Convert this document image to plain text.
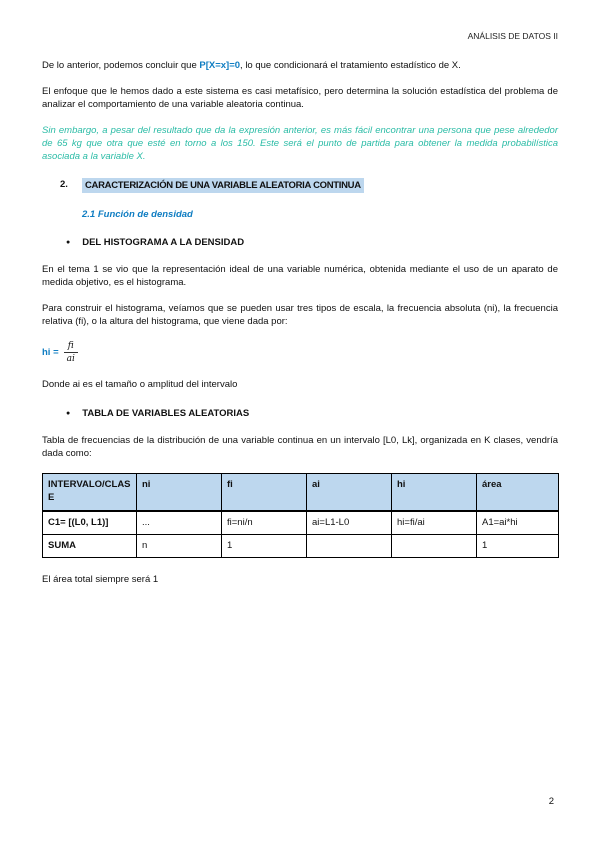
ANÁLISIS DE DATOS II

De lo anterior, podemos concluir que P[X=x]=0, lo que condicionará el tratamiento estadístico de X.

El enfoque que le hemos dado a este sistema es casi metafísico, pero determina la solución estadística del problema de analizar el comportamiento de una variable aleatoria continua.

Sin embargo, a pesar del resultado que da la expresión anterior, es más fácil encontrar una persona que pese alrededor de 65 kg que otra que esté en torno a los 150. Este será el punto de partida para obtener la medida probabilística asociada a la variable X.

2.	CARACTERIZACIÓN DE UNA VARIABLE ALEATORIA CONTINUA
2.1 Función de densidad
● DEL HISTOGRAMA A LA DENSIDAD

En el tema 1 se vio que la representación ideal de una variable numérica, obtenida mediante el uso de un aparato de medida objetivo, es el histograma.

Para construir el histograma, veíamos que se pueden usar tres tipos de escala, la frecuencia absoluta (ni), la frecuencia relativa (fi), o la altura del histograma, que viene dada por:

hi = $\frac{fi}{ai}$

Donde ai es el tamaño o amplitud del intervalo

● TABLA DE VARIABLES ALEATORIAS

Tabla de frecuencias de la distribución de una variable continua en un intervalo [L0, Lk], organizada en K clases, vendría dada como:

INTERVALO/CLASE	ni	fi	ai	hi	área
C1= [(L0, L1)]	...	fi=ni/n	ai=L1-L0	hi=fi/ai	A1=ai*hi
SUMA	n	1			1

El área total siempre será 1

2
